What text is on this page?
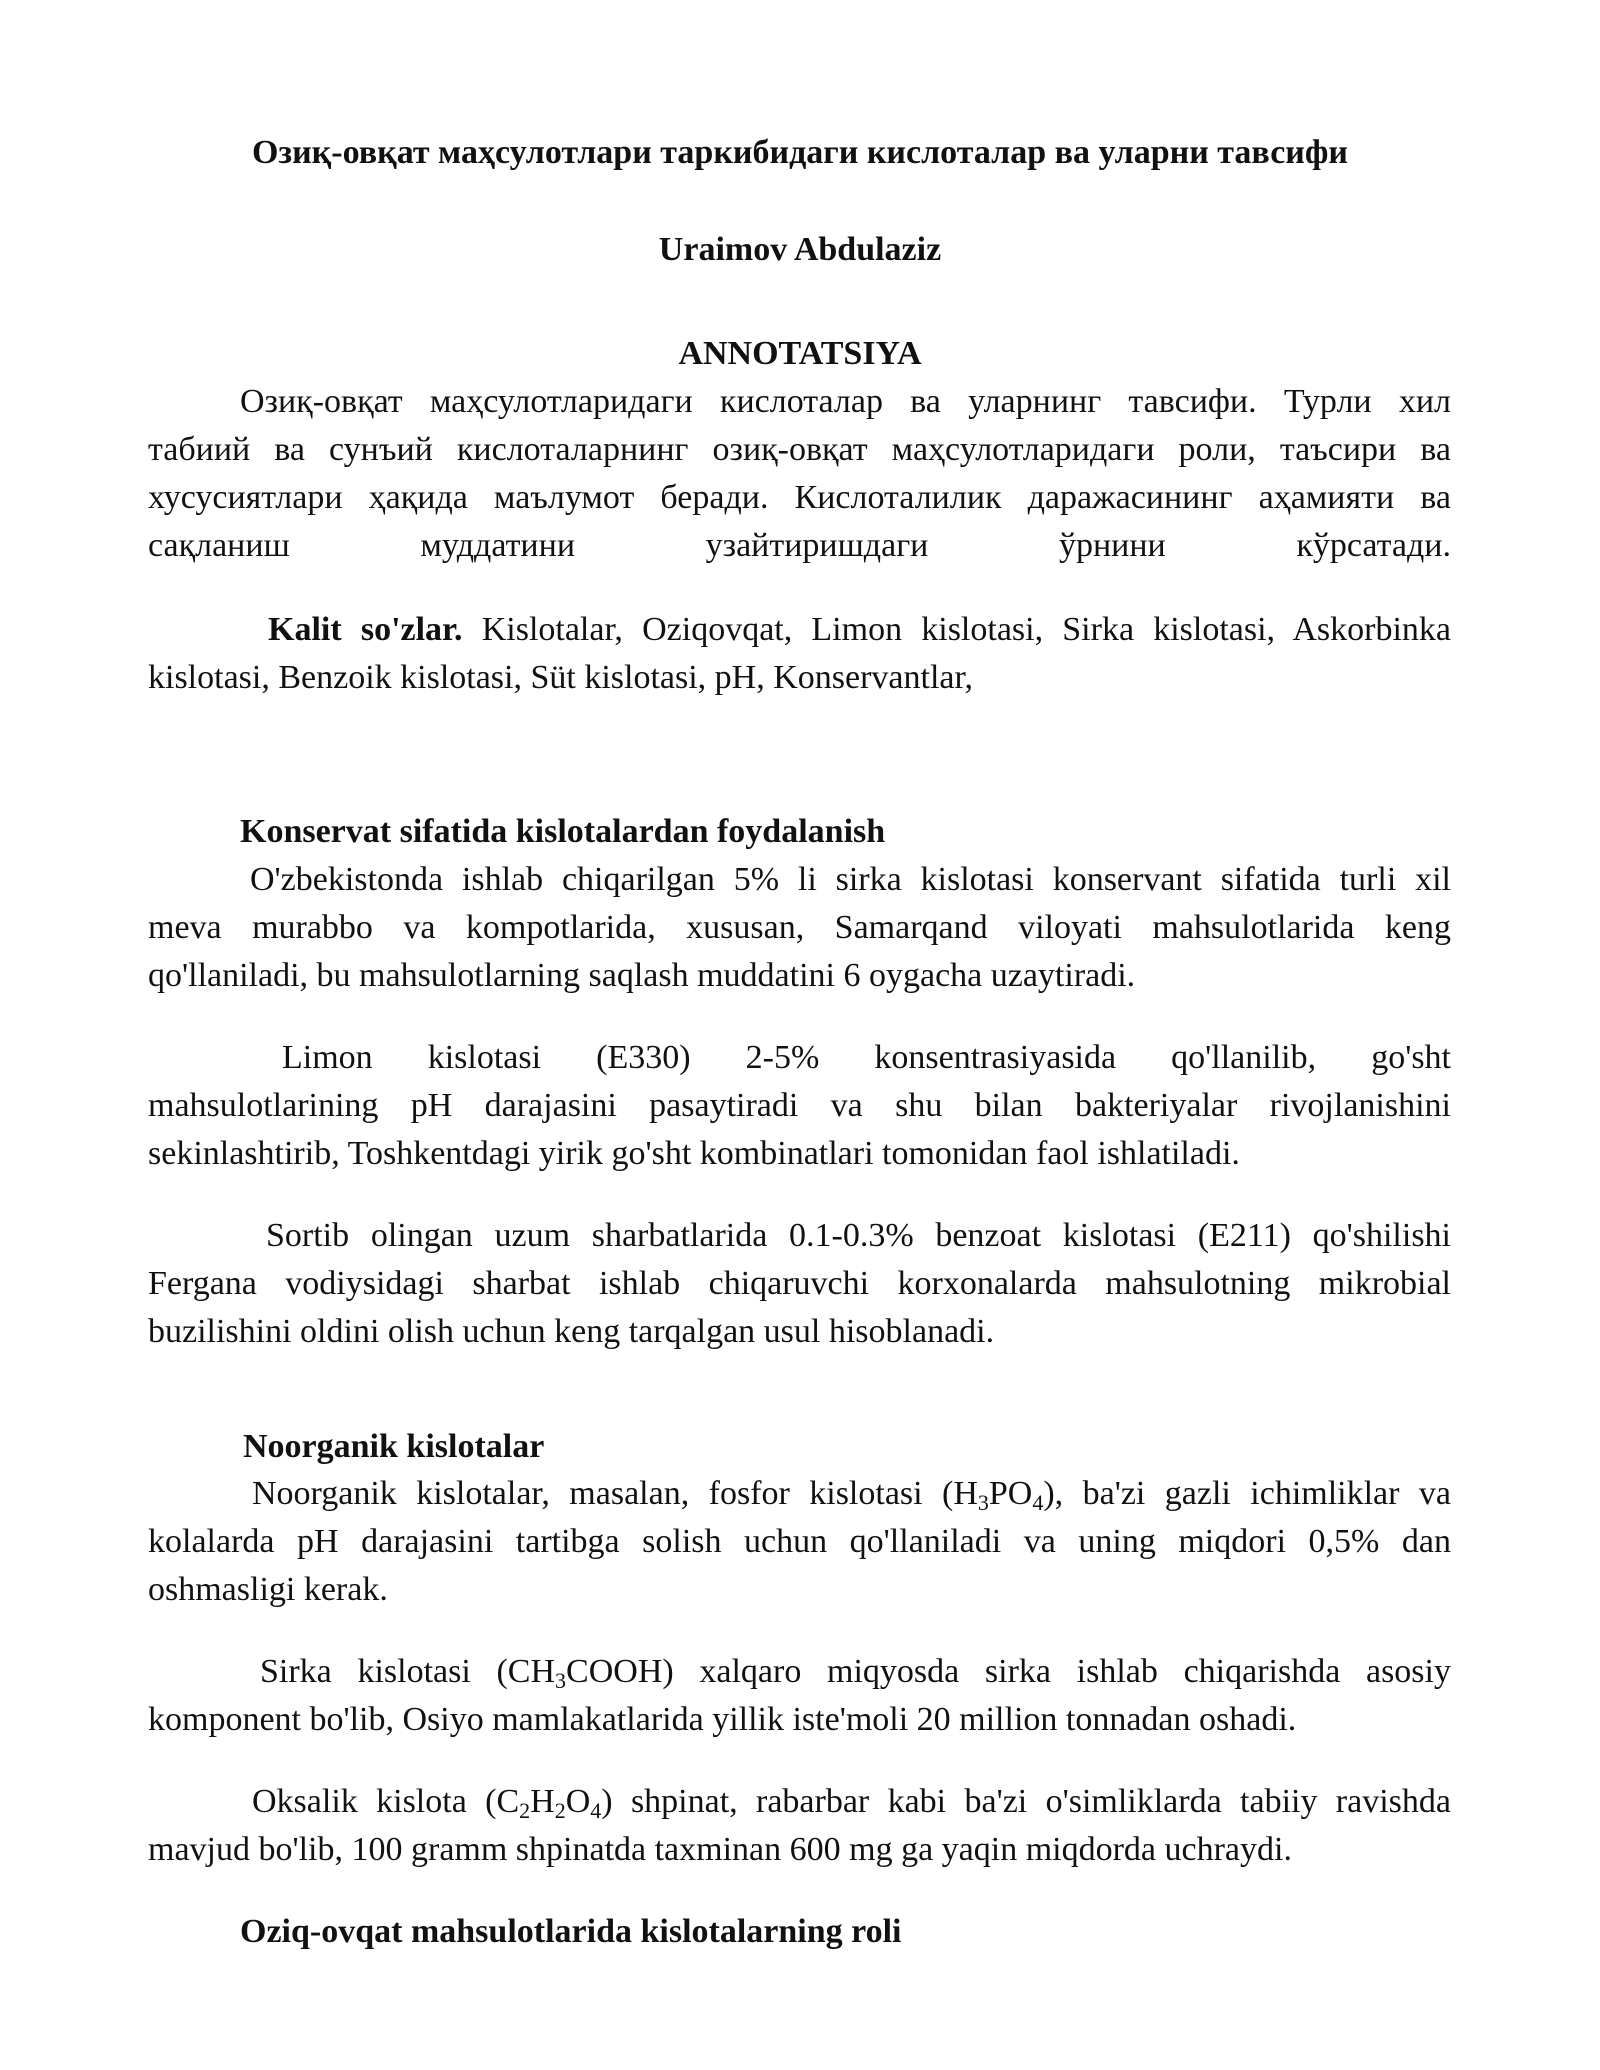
Озиқ-овқат маҳсулотлари таркибидаги кислоталар ва уларни тавсифи
Uraimov Abdulaziz
ANNOTATSIYA
Озиқ-овқат маҳсулотларидаги кислоталар ва уларнинг тавсифи. Турли хил
табиий ва сунъий кислоталарнинг озиқ-овқат маҳсулотларидаги роли, таъсири ва
хусусиятлари ҳақида маълумот беради. Кислоталилик даражасининг аҳамияти ва
сақланиш муддатини узайтиришдаги ўрнини кўрсатади.
Kalit so'zlar. Kislotalar, Oziqovqat, Limon kislotasi, Sirka kislotasi, Askorbinka
kislotasi, Benzoik kislotasi, Süt kislotasi, pH, Konservantlar,
Konservat sifatida kislotalardan foydalanish
O'zbekistonda ishlab chiqarilgan 5% li sirka kislotasi konservant sifatida turli xil
meva murabbo va kompotlarida, xususan, Samarqand viloyati mahsulotlarida keng
qo'llaniladi, bu mahsulotlarning saqlash muddatini 6 oygacha uzaytiradi.
Limon kislotasi (E330) 2-5% konsentrasiyasida qo'llanilib, go'sht
mahsulotlarining pH darajasini pasaytiradi va shu bilan bakteriyalar rivojlanishini
sekinlashtirib, Toshkentdagi yirik go'sht kombinatlari tomonidan faol ishlatiladi.
Sortib olingan uzum sharbatlarida 0.1-0.3% benzoat kislotasi (E211) qo'shilishi
Fergana vodiysidagi sharbat ishlab chiqaruvchi korxonalarda mahsulotning mikrobial
buzilishini oldini olish uchun keng tarqalgan usul hisoblanadi.
Noorganik kislotalar
Noorganik kislotalar, masalan, fosfor kislotasi $(H_3PO_4)$, ba'zi gazli ichimliklar va
kolalarda pH darajasini tartibga solish uchun qo'llaniladi va uning miqdori 0,5% dan
oshmasligi kerak.
Sirka kislotasi $(CH_3COOH)$ xalqaro miqyosda sirka ishlab chiqarishda asosiy
komponent bo'lib, Osiyo mamlakatlarida yillik iste'moli 20 million tonnadan oshadi.
Oksalik kislota $(C_2H_2O_4)$ shpinat, rabarbar kabi ba'zi o'simliklarda tabiiy ravishda
mavjud bo'lib, 100 gramm shpinatda taxminan 600 mg ga yaqin miqdorda uchraydi.
Oziq-ovqat mahsulotlarida kislotalarning roli
